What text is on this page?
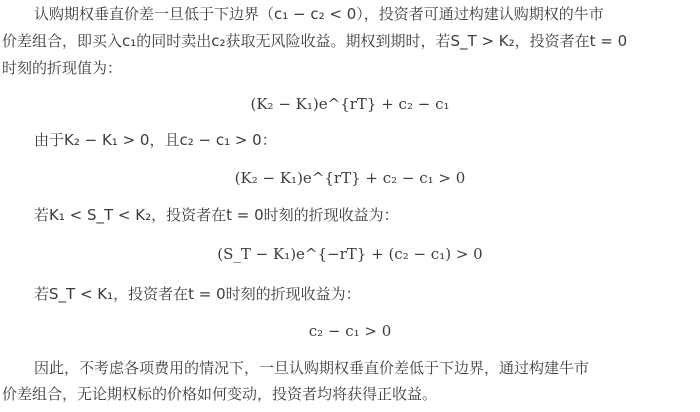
认购期权垂直价差一旦低于下边界（c₁ − c₂ < 0），投资者可通过构建认购期权的牛市
价差组合，即买入c₁的同时卖出c₂获取无风险收益。期权到期时，若S_T > K₂，投资者在t = 0
时刻的折现值为：
(K₂ − K₁)e^{rT} + c₂ − c₁
由于K₂ − K₁ > 0，且c₂ − c₁ > 0：
(K₂ − K₁)e^{rT} + c₂ − c₁ > 0
若K₁ < S_T < K₂，投资者在t = 0时刻的折现收益为：
(S_T − K₁)e^{−rT} + (c₂ − c₁) > 0
若S_T < K₁，投资者在t = 0时刻的折现收益为：
c₂ − c₁ > 0
因此，不考虑各项费用的情况下，一旦认购期权垂直价差低于下边界，通过构建牛市
价差组合，无论期权标的价格如何变动，投资者均将获得正收益。
